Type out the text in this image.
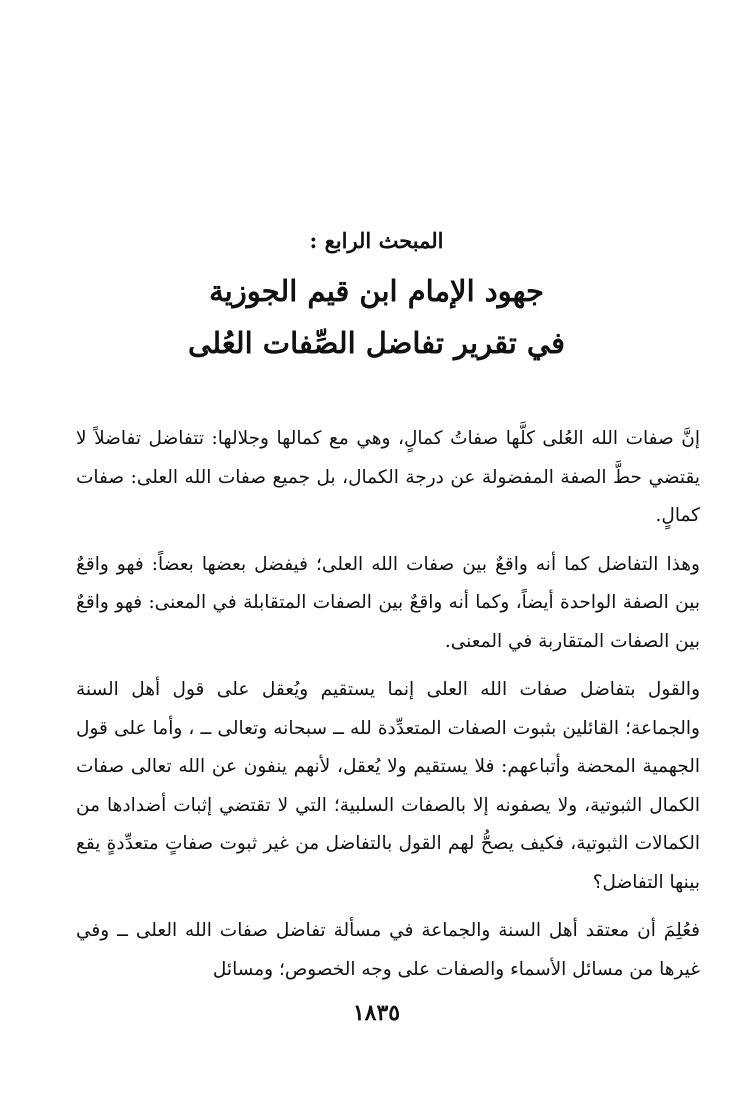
المبحث الرابع :
جهود الإمام ابن قيم الجوزية
في تقرير تفاضل الصِّفات العُلى

إنَّ صفات الله العُلى كلَّها صفاتُ كمالٍ، وهي مع كمالها وجلالها: تتفاضل تفاضلاً لا يقتضي حطَّ الصفة المفضولة عن درجة الكمال، بل جميع صفات الله العلى: صفات كمالٍ.

وهذا التفاضل كما أنه واقعٌ بين صفات الله العلى؛ فيفضل بعضها بعضاً: فهو واقعٌ بين الصفة الواحدة أيضاً، وكما أنه واقعٌ بين الصفات المتقابلة في المعنى: فهو واقعٌ بين الصفات المتقاربة في المعنى.

والقول بتفاضل صفات الله العلى إنما يستقيم ويُعقل على قول أهل السنة والجماعة؛ القائلين بثبوت الصفات المتعدِّدة لله ــ سبحانه وتعالى ــ ، وأما على قول الجهمية المحضة وأتباعهم: فلا يستقيم ولا يُعقل، لأنهم ينفون عن الله تعالى صفات الكمال الثبوتية، ولا يصفونه إلا بالصفات السلبية؛ التي لا تقتضي إثبات أضدادها من الكمالات الثبوتية، فكيف يصحُّ لهم القول بالتفاضل من غير ثبوت صفاتٍ متعدِّدةٍ يقع بينها التفاضل؟

فعُلِمَ أن معتقد أهل السنة والجماعة في مسألة تفاضل صفات الله العلى ــ وفي غيرها من مسائل الأسماء والصفات على وجه الخصوص؛ ومسائل

١٨٣٥
